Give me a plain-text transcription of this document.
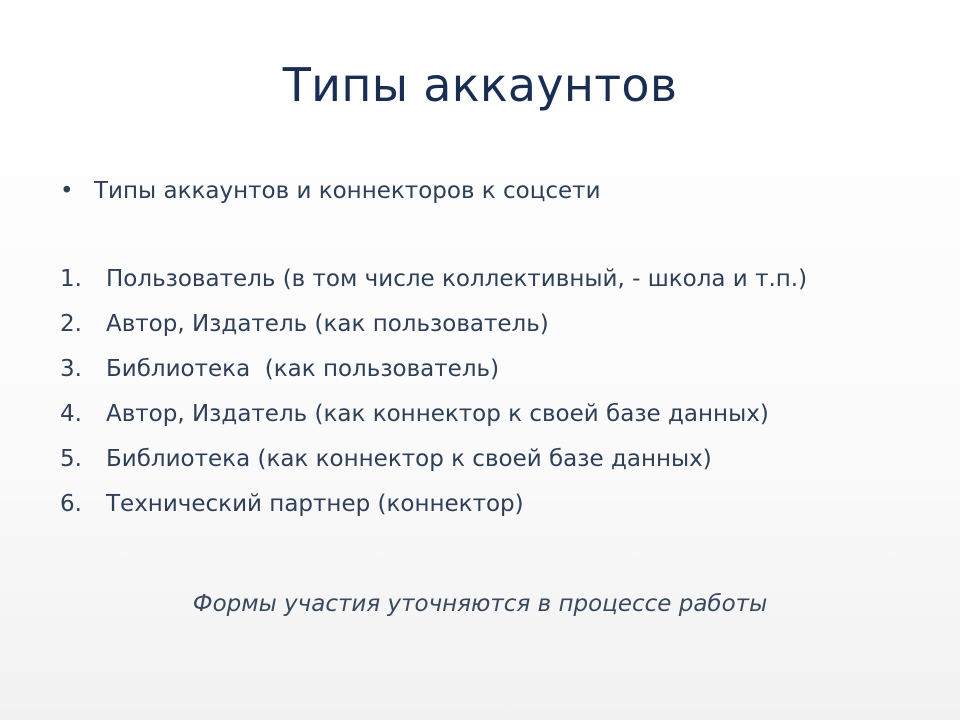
Типы аккаунтов
• Типы аккаунтов и коннекторов к соцсети
1.	Пользователь (в том числе коллективный, - школа и т.п.)
2.	Автор, Издатель (как пользователь)
3.	Библиотека  (как пользователь)
4.	Автор, Издатель (как коннектор к своей базе данных)
5.	Библиотека (как коннектор к своей базе данных)
6.	Технический партнер (коннектор)
Формы участия уточняются в процессе работы
